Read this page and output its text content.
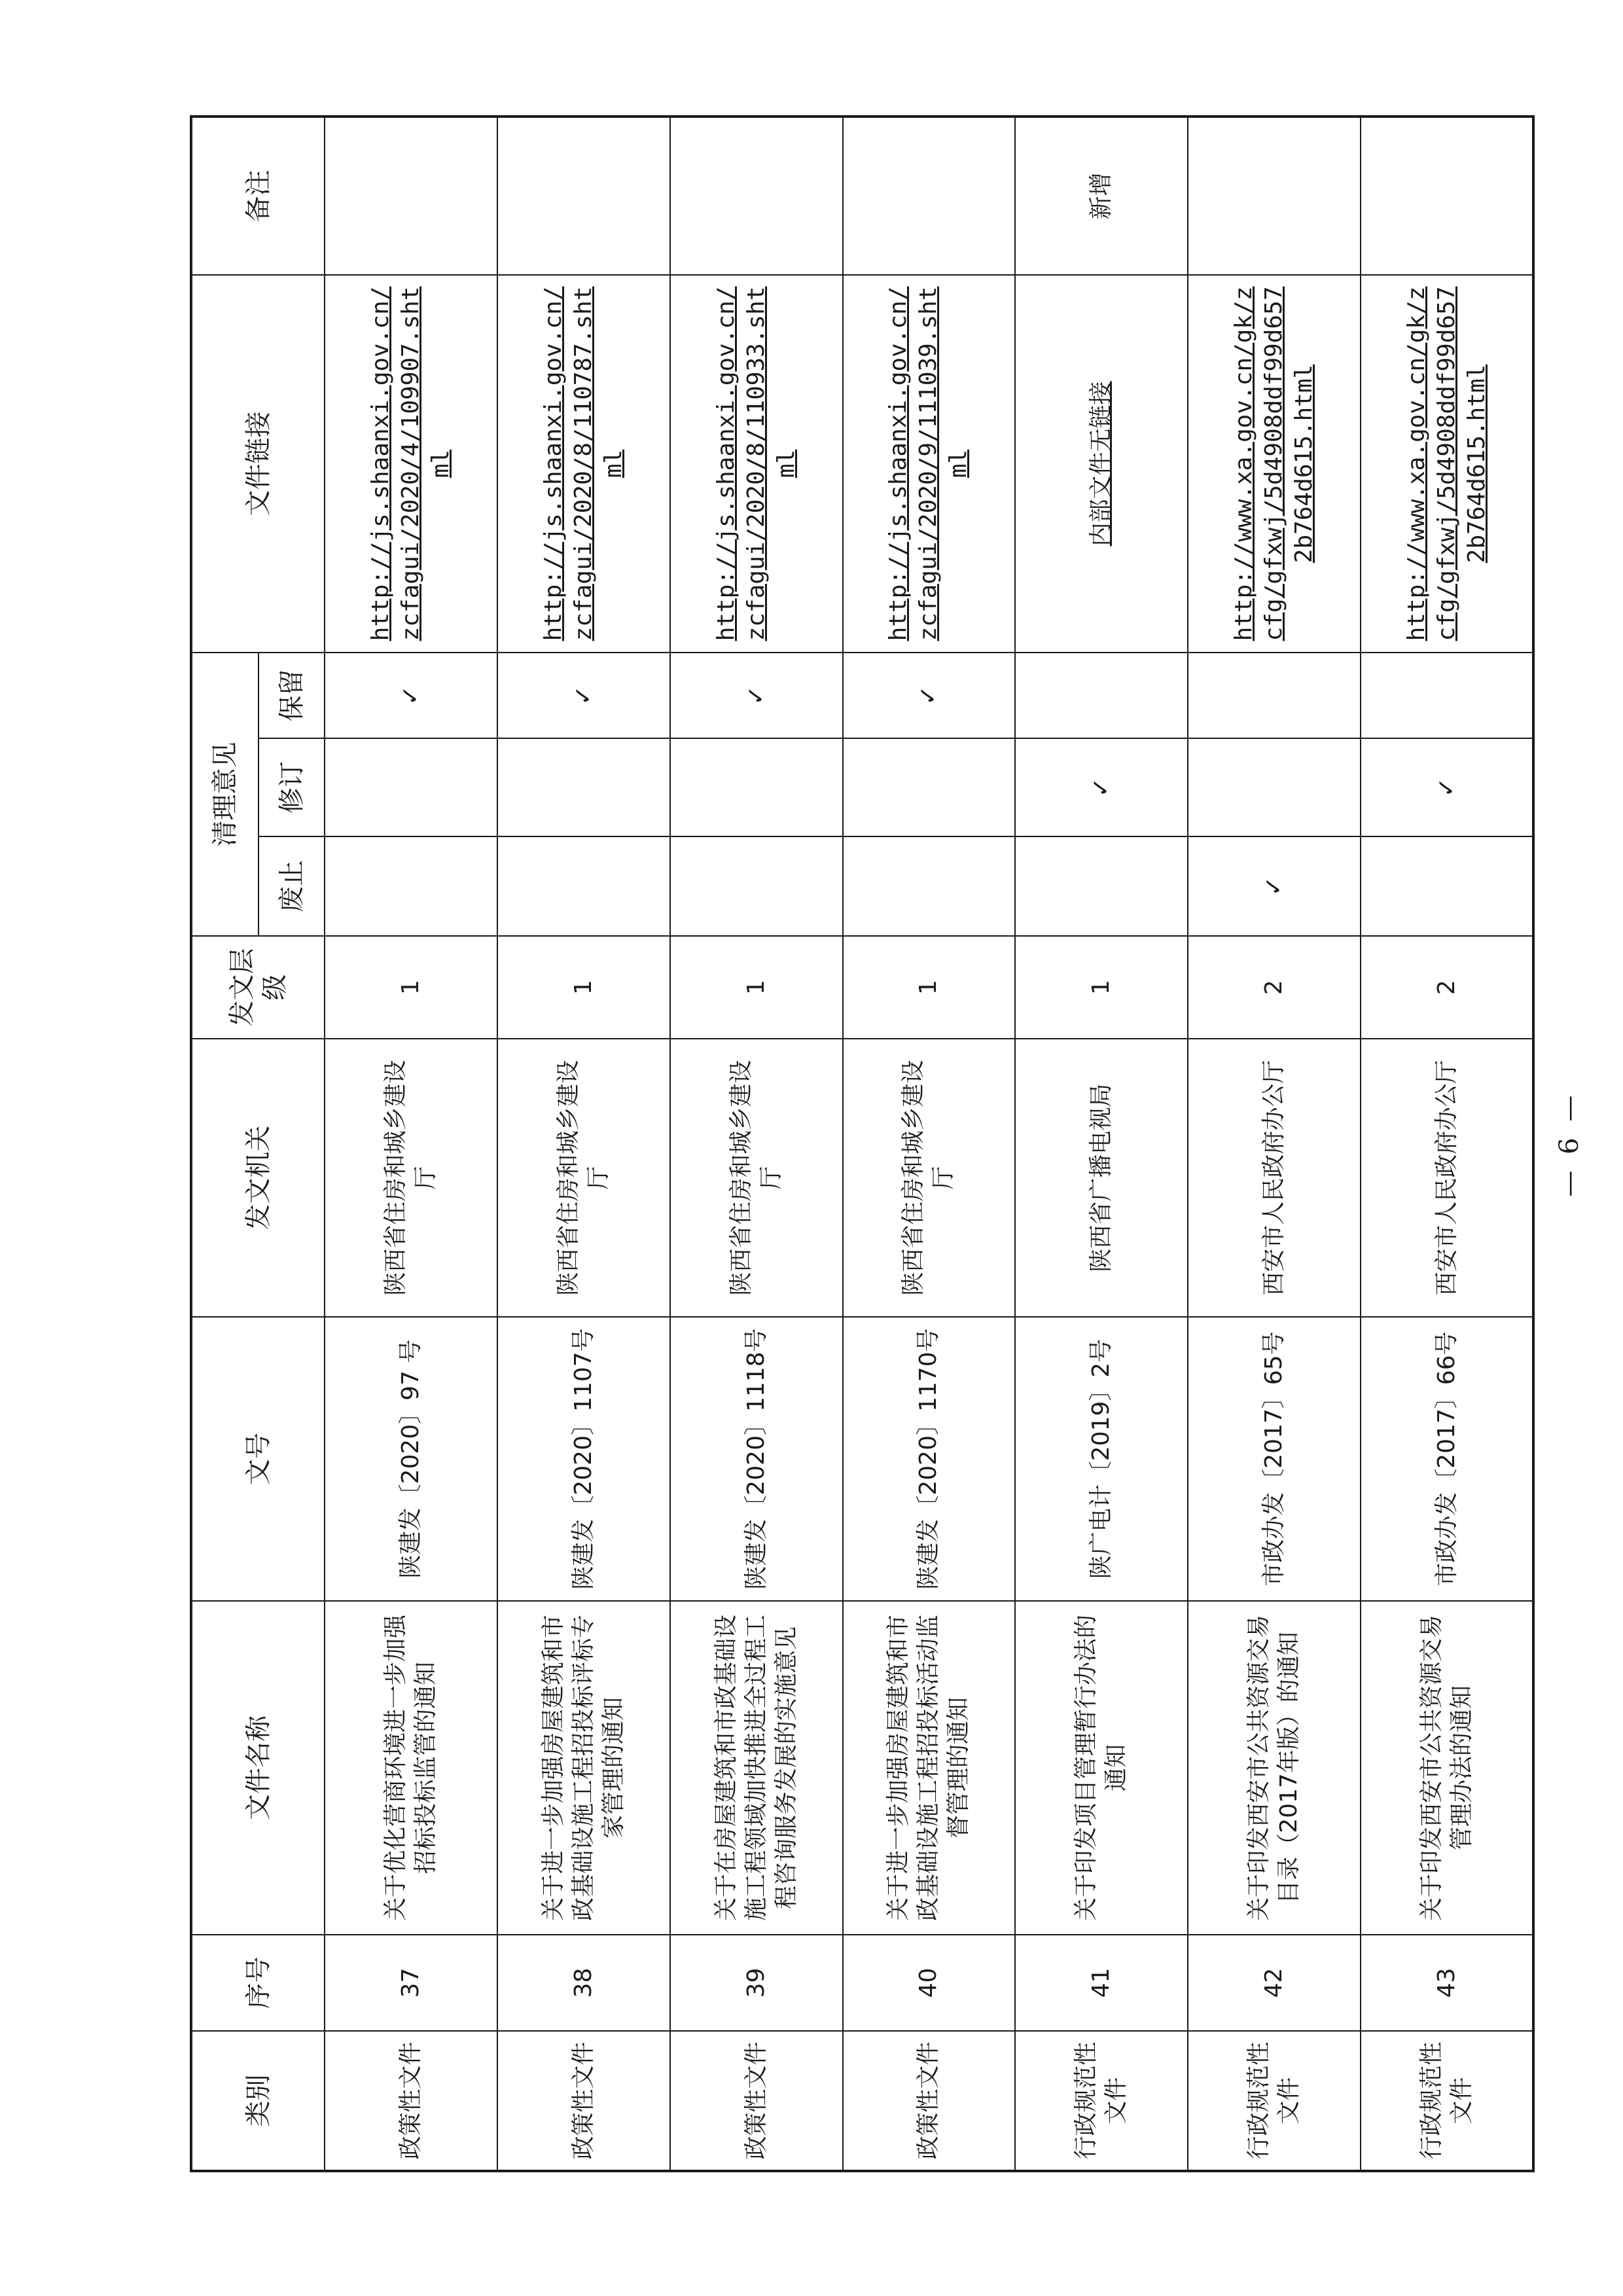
类别	序号	文件名称	文号	发文机关	发文层级	清理意见			文件链接	备注
						废止	修订	保留		
政策性文件	37	关于优化营商环境进一步加强招标投标监管的通知	陕建发〔2020〕97 号	陕西省住房和城乡建设厅	1			✓	http://js.shaanxi.gov.cn/zcfagui/2020/4/109907.shtml	
政策性文件	38	关于进一步加强房屋建筑和市政基础设施工程招投标评标专家管理的通知	陕建发〔2020〕1107号	陕西省住房和城乡建设厅	1			✓	http://js.shaanxi.gov.cn/zcfagui/2020/8/110787.shtml	
政策性文件	39	关于在房屋建筑和市政基础设施工程领域加快推进全过程工程咨询服务发展的实施意见	陕建发〔2020〕1118号	陕西省住房和城乡建设厅	1			✓	http://js.shaanxi.gov.cn/zcfagui/2020/8/110933.shtml	
政策性文件	40	关于进一步加强房屋建筑和市政基础设施工程招投标活动监督管理的通知	陕建发〔2020〕1170号	陕西省住房和城乡建设厅	1			✓	http://js.shaanxi.gov.cn/zcfagui/2020/9/111039.shtml	
行政规范性文件	41	关于印发项目管理暂行办法的通知	陕广电计〔2019〕2号	陕西省广播电视局	1		✓		内部文件无链接	新增
行政规范性文件	42	关于印发西安市公共资源交易目录（2017年版）的通知	市政办发〔2017〕65号	西安市人民政府办公厅	2	✓			http://www.xa.gov.cn/gk/zcfg/gfxwj/5d4908ddf99d6572b764d615.html	
行政规范性文件	43	关于印发西安市公共资源交易管理办法的通知	市政办发〔2017〕66号	西安市人民政府办公厅	2		✓		http://www.xa.gov.cn/gk/zcfg/gfxwj/5d4908ddf99d6572b764d615.html	
— 6 —
